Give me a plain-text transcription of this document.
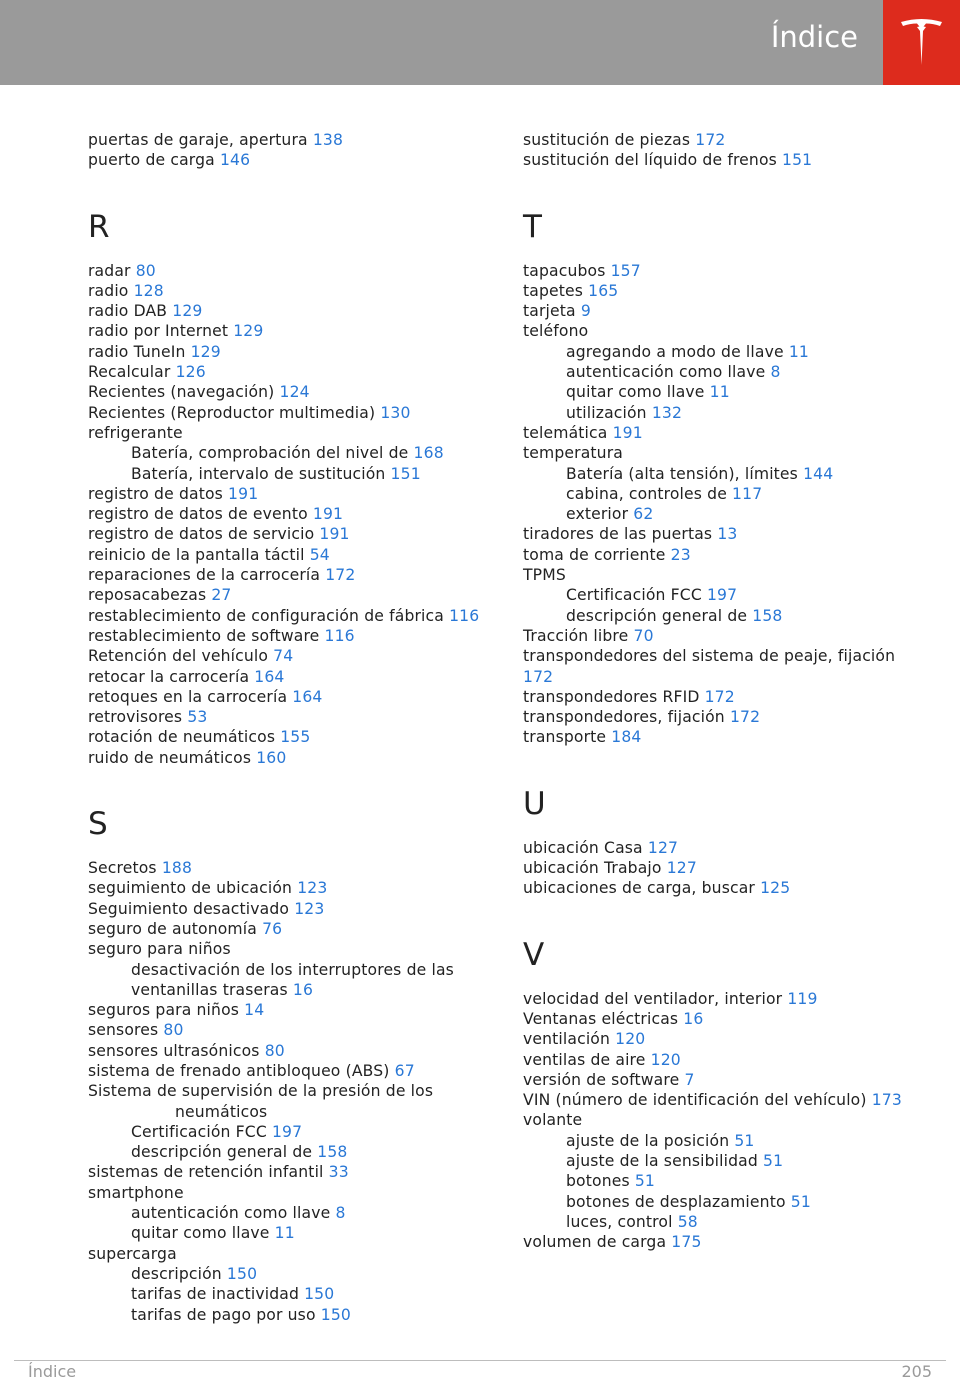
Índice
puertas de garaje, apertura 138
puerto de carga 146
R
radar 80
radio 128
radio DAB 129
radio por Internet 129
radio TuneIn 129
Recalcular 126
Recientes (navegación) 124
Recientes (Reproductor multimedia) 130
refrigerante
Batería, comprobación del nivel de 168
Batería, intervalo de sustitución 151
registro de datos 191
registro de datos de evento 191
registro de datos de servicio 191
reinicio de la pantalla táctil 54
reparaciones de la carrocería 172
reposacabezas 27
restablecimiento de configuración de fábrica 116
restablecimiento de software 116
Retención del vehículo 74
retocar la carrocería 164
retoques en la carrocería 164
retrovisores 53
rotación de neumáticos 155
ruido de neumáticos 160
S
Secretos 188
seguimiento de ubicación 123
Seguimiento desactivado 123
seguro de autonomía 76
seguro para niños
desactivación de los interruptores de las
ventanillas traseras 16
seguros para niños 14
sensores 80
sensores ultrasónicos 80
sistema de frenado antibloqueo (ABS) 67
Sistema de supervisión de la presión de los
neumáticos
Certificación FCC 197
descripción general de 158
sistemas de retención infantil 33
smartphone
autenticación como llave 8
quitar como llave 11
supercarga
descripción 150
tarifas de inactividad 150
tarifas de pago por uso 150
sustitución de piezas 172
sustitución del líquido de frenos 151
T
tapacubos 157
tapetes 165
tarjeta 9
teléfono
agregando a modo de llave 11
autenticación como llave 8
quitar como llave 11
utilización 132
telemática 191
temperatura
Batería (alta tensión), límites 144
cabina, controles de 117
exterior 62
tiradores de las puertas 13
toma de corriente 23
TPMS
Certificación FCC 197
descripción general de 158
Tracción libre 70
transpondedores del sistema de peaje, fijación 172
transpondedores RFID 172
transpondedores, fijación 172
transporte 184
U
ubicación Casa 127
ubicación Trabajo 127
ubicaciones de carga, buscar 125
V
velocidad del ventilador, interior 119
Ventanas eléctricas 16
ventilación 120
ventilas de aire 120
versión de software 7
VIN (número de identificación del vehículo) 173
volante
ajuste de la posición 51
ajuste de la sensibilidad 51
botones 51
botones de desplazamiento 51
luces, control 58
volumen de carga 175
Índice	205
